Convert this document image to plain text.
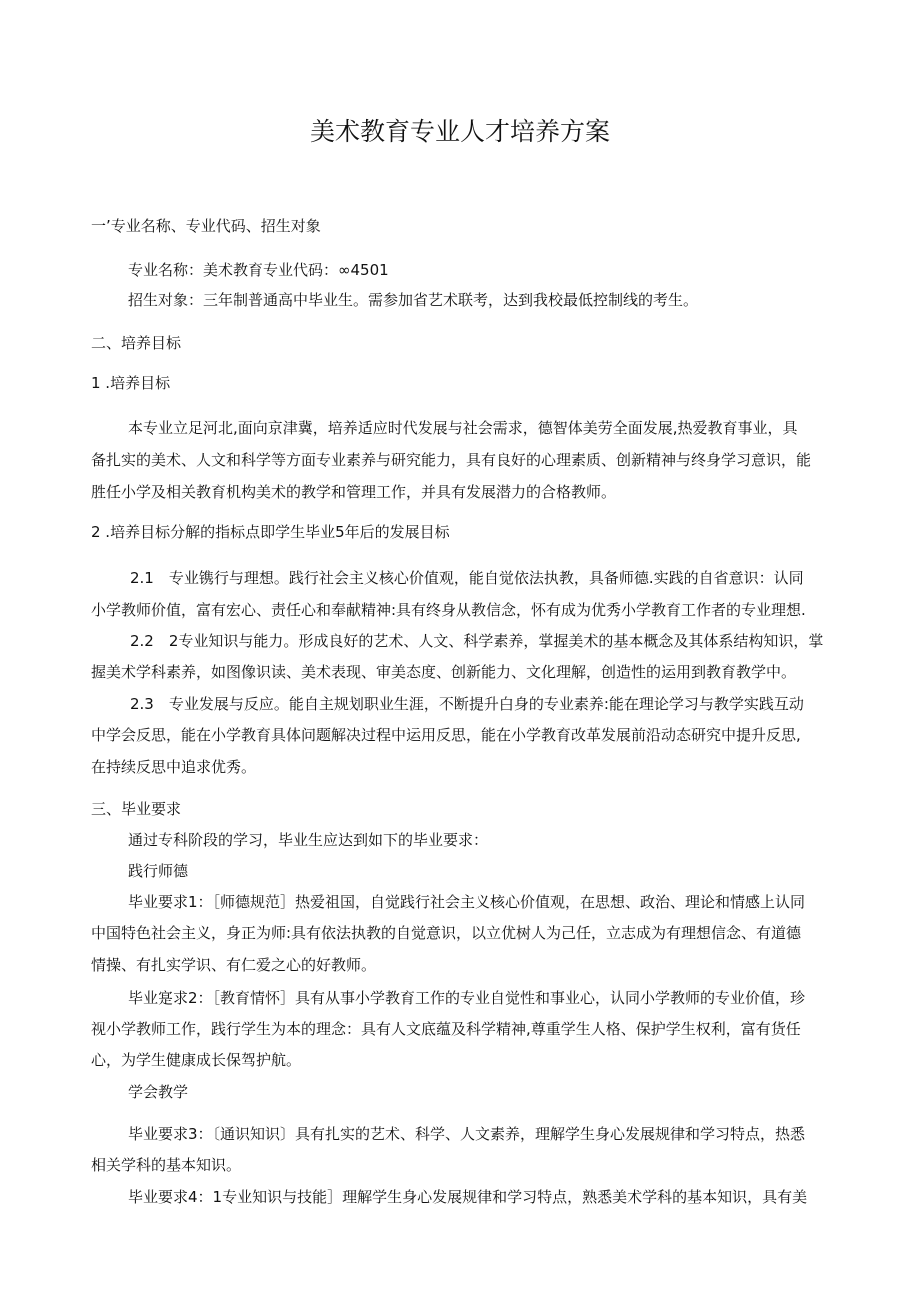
美术教育专业人才培养方案
一’专业名称、专业代码、招生对象
专业名称：美术教育专业代码：∞4501
招生对象：三年制普通高中毕业生。需参加省艺术联考，达到我校最低控制线的考生。
二、培养目标
1 .培养目标
本专业立足河北,面向京津冀，培养适应时代发展与社会需求，德智体美劳全面发展,热爱教育事业，具
备扎实的美术、人文和科学等方面专业素养与研究能力，具有良好的心理素质、创新精神与终身学习意识，能
胜任小学及相关教育机构美术的教学和管理工作，并具有发展潜力的合格教师。
2 .培养目标分解的指标点即学生毕业5年后的发展目标
2.1　专业镌行与理想。践行社会主义核心价值观，能自觉依法执教，具备师德.实践的自省意识：认同
小学教师价值，富有宏心、责任心和奉献精神:具有终身从教信念，怀有成为优秀小学教育工作者的专业理想.
2.2　2专业知识与能力。形成良好的艺术、人文、科学素养，掌握美术的基本概念及其体系结构知识，掌
握美术学科素养，如图像识读、美术表现、审美态度、创新能力、文化理解，创造性的运用到教育教学中。
2.3　专业发展与反应。能自主规划职业生涯，不断提升白身的专业素养:能在理论学习与教学实践互动
中学会反思，能在小学教育具体问题解决过程中运用反思，能在小学教育改革发展前沿动态研究中提升反思,
在持续反思中追求优秀。
三、毕业要求
通过专科阶段的学习，毕业生应达到如下的毕业要求：
践行师德
毕业要求1：［师德规范］热爱祖国，自觉践行社会主义核心价值观，在思想、政治、理论和情感上认同
中国特色社会主义，身正为师:具有依法执教的自觉意识，以立优树人为己任，立志成为有理想信念、有道德
情操、有扎实学识、有仁爱之心的好教师。
毕业寔求2：［教育情怀］具有从事小学教育工作的专业自觉性和事业心，认同小学教师的专业价值，珍
视小学教师工作，践行学生为本的理念：具有人文底蕴及科学精神,尊重学生人格、保护学生权利，富有货任
心，为学生健康成长保驾护航。
学会教学
毕业要求3：〔通识知识〕具有扎实的艺术、科学、人文素养，理解学生身心发展规律和学习特点，热悉
相关学科的基本知识。
毕业要求4：1专业知识与技能］理解学生身心发展规律和学习特点，熟悉美术学科的基本知识，具有美
